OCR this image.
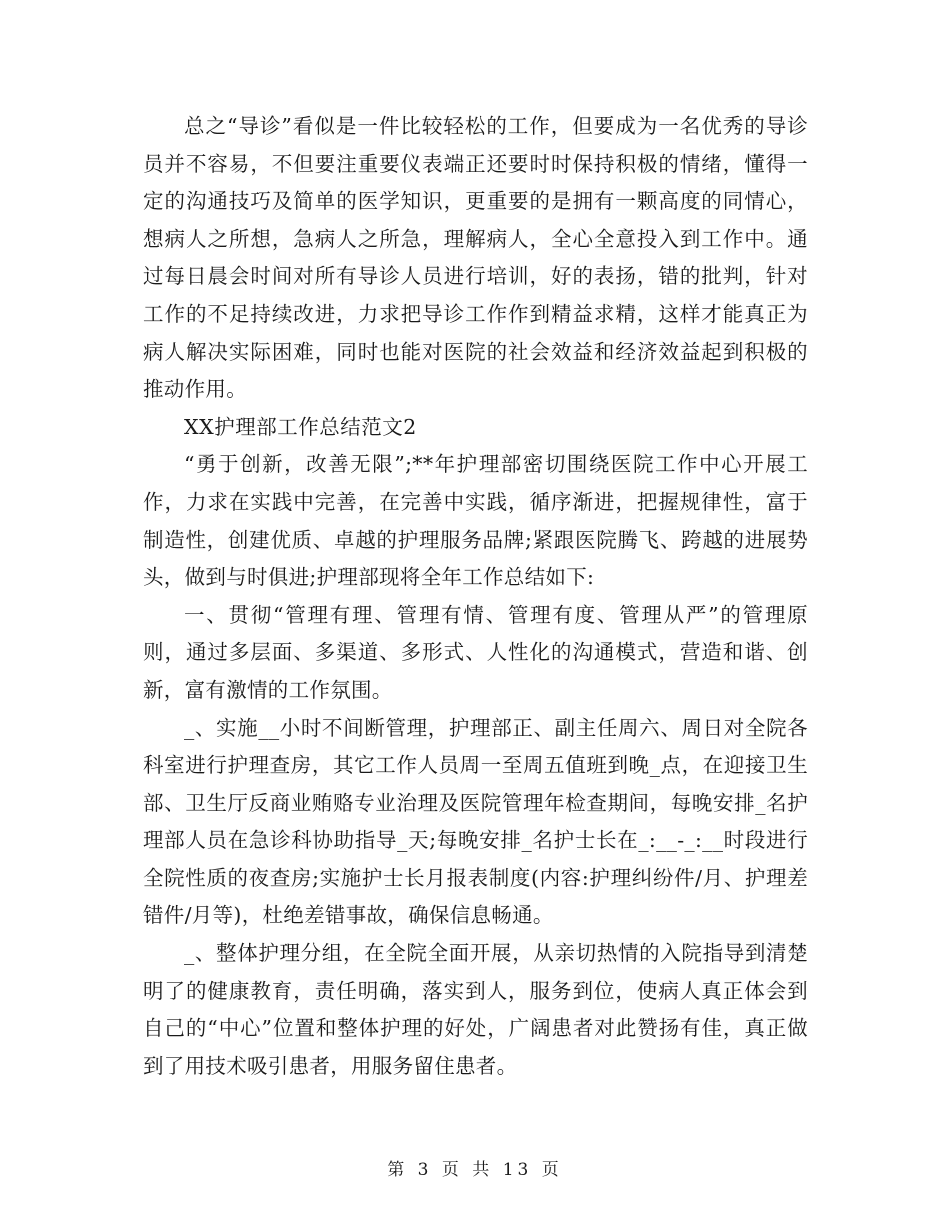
总之“导诊”看似是一件比较轻松的工作，但要成为一名优秀的导诊员并不容易，不但要注重要仪表端正还要时时保持积极的情绪，懂得一定的沟通技巧及简单的医学知识，更重要的是拥有一颗高度的同情心，想病人之所想，急病人之所急，理解病人，全心全意投入到工作中。通过每日晨会时间对所有导诊人员进行培训，好的表扬，错的批判，针对工作的不足持续改进，力求把导诊工作作到精益求精，这样才能真正为病人解决实际困难，同时也能对医院的社会效益和经济效益起到积极的推动作用。

XX护理部工作总结范文2

“勇于创新，改善无限”;**年护理部密切围绕医院工作中心开展工作，力求在实践中完善，在完善中实践，循序渐进，把握规律性，富于制造性，创建优质、卓越的护理服务品牌;紧跟医院腾飞、跨越的进展势头，做到与时俱进;护理部现将全年工作总结如下:

一、贯彻“管理有理、管理有情、管理有度、管理从严”的管理原则，通过多层面、多渠道、多形式、人性化的沟通模式，营造和谐、创新，富有激情的工作氛围。

_、实施__小时不间断管理，护理部正、副主任周六、周日对全院各科室进行护理查房，其它工作人员周一至周五值班到晚_点，在迎接卫生部、卫生厅反商业贿赂专业治理及医院管理年检查期间，每晚安排_名护理部人员在急诊科协助指导_天;每晚安排_名护士长在_:__-_:__时段进行全院性质的夜查房;实施护士长月报表制度(内容:护理纠纷件/月、护理差错件/月等)，杜绝差错事故，确保信息畅通。

_、整体护理分组，在全院全面开展，从亲切热情的入院指导到清楚明了的健康教育，责任明确，落实到人，服务到位，使病人真正体会到自己的“中心”位置和整体护理的好处，广阔患者对此赞扬有佳，真正做到了用技术吸引患者，用服务留住患者。

第 3 页 共 13 页
